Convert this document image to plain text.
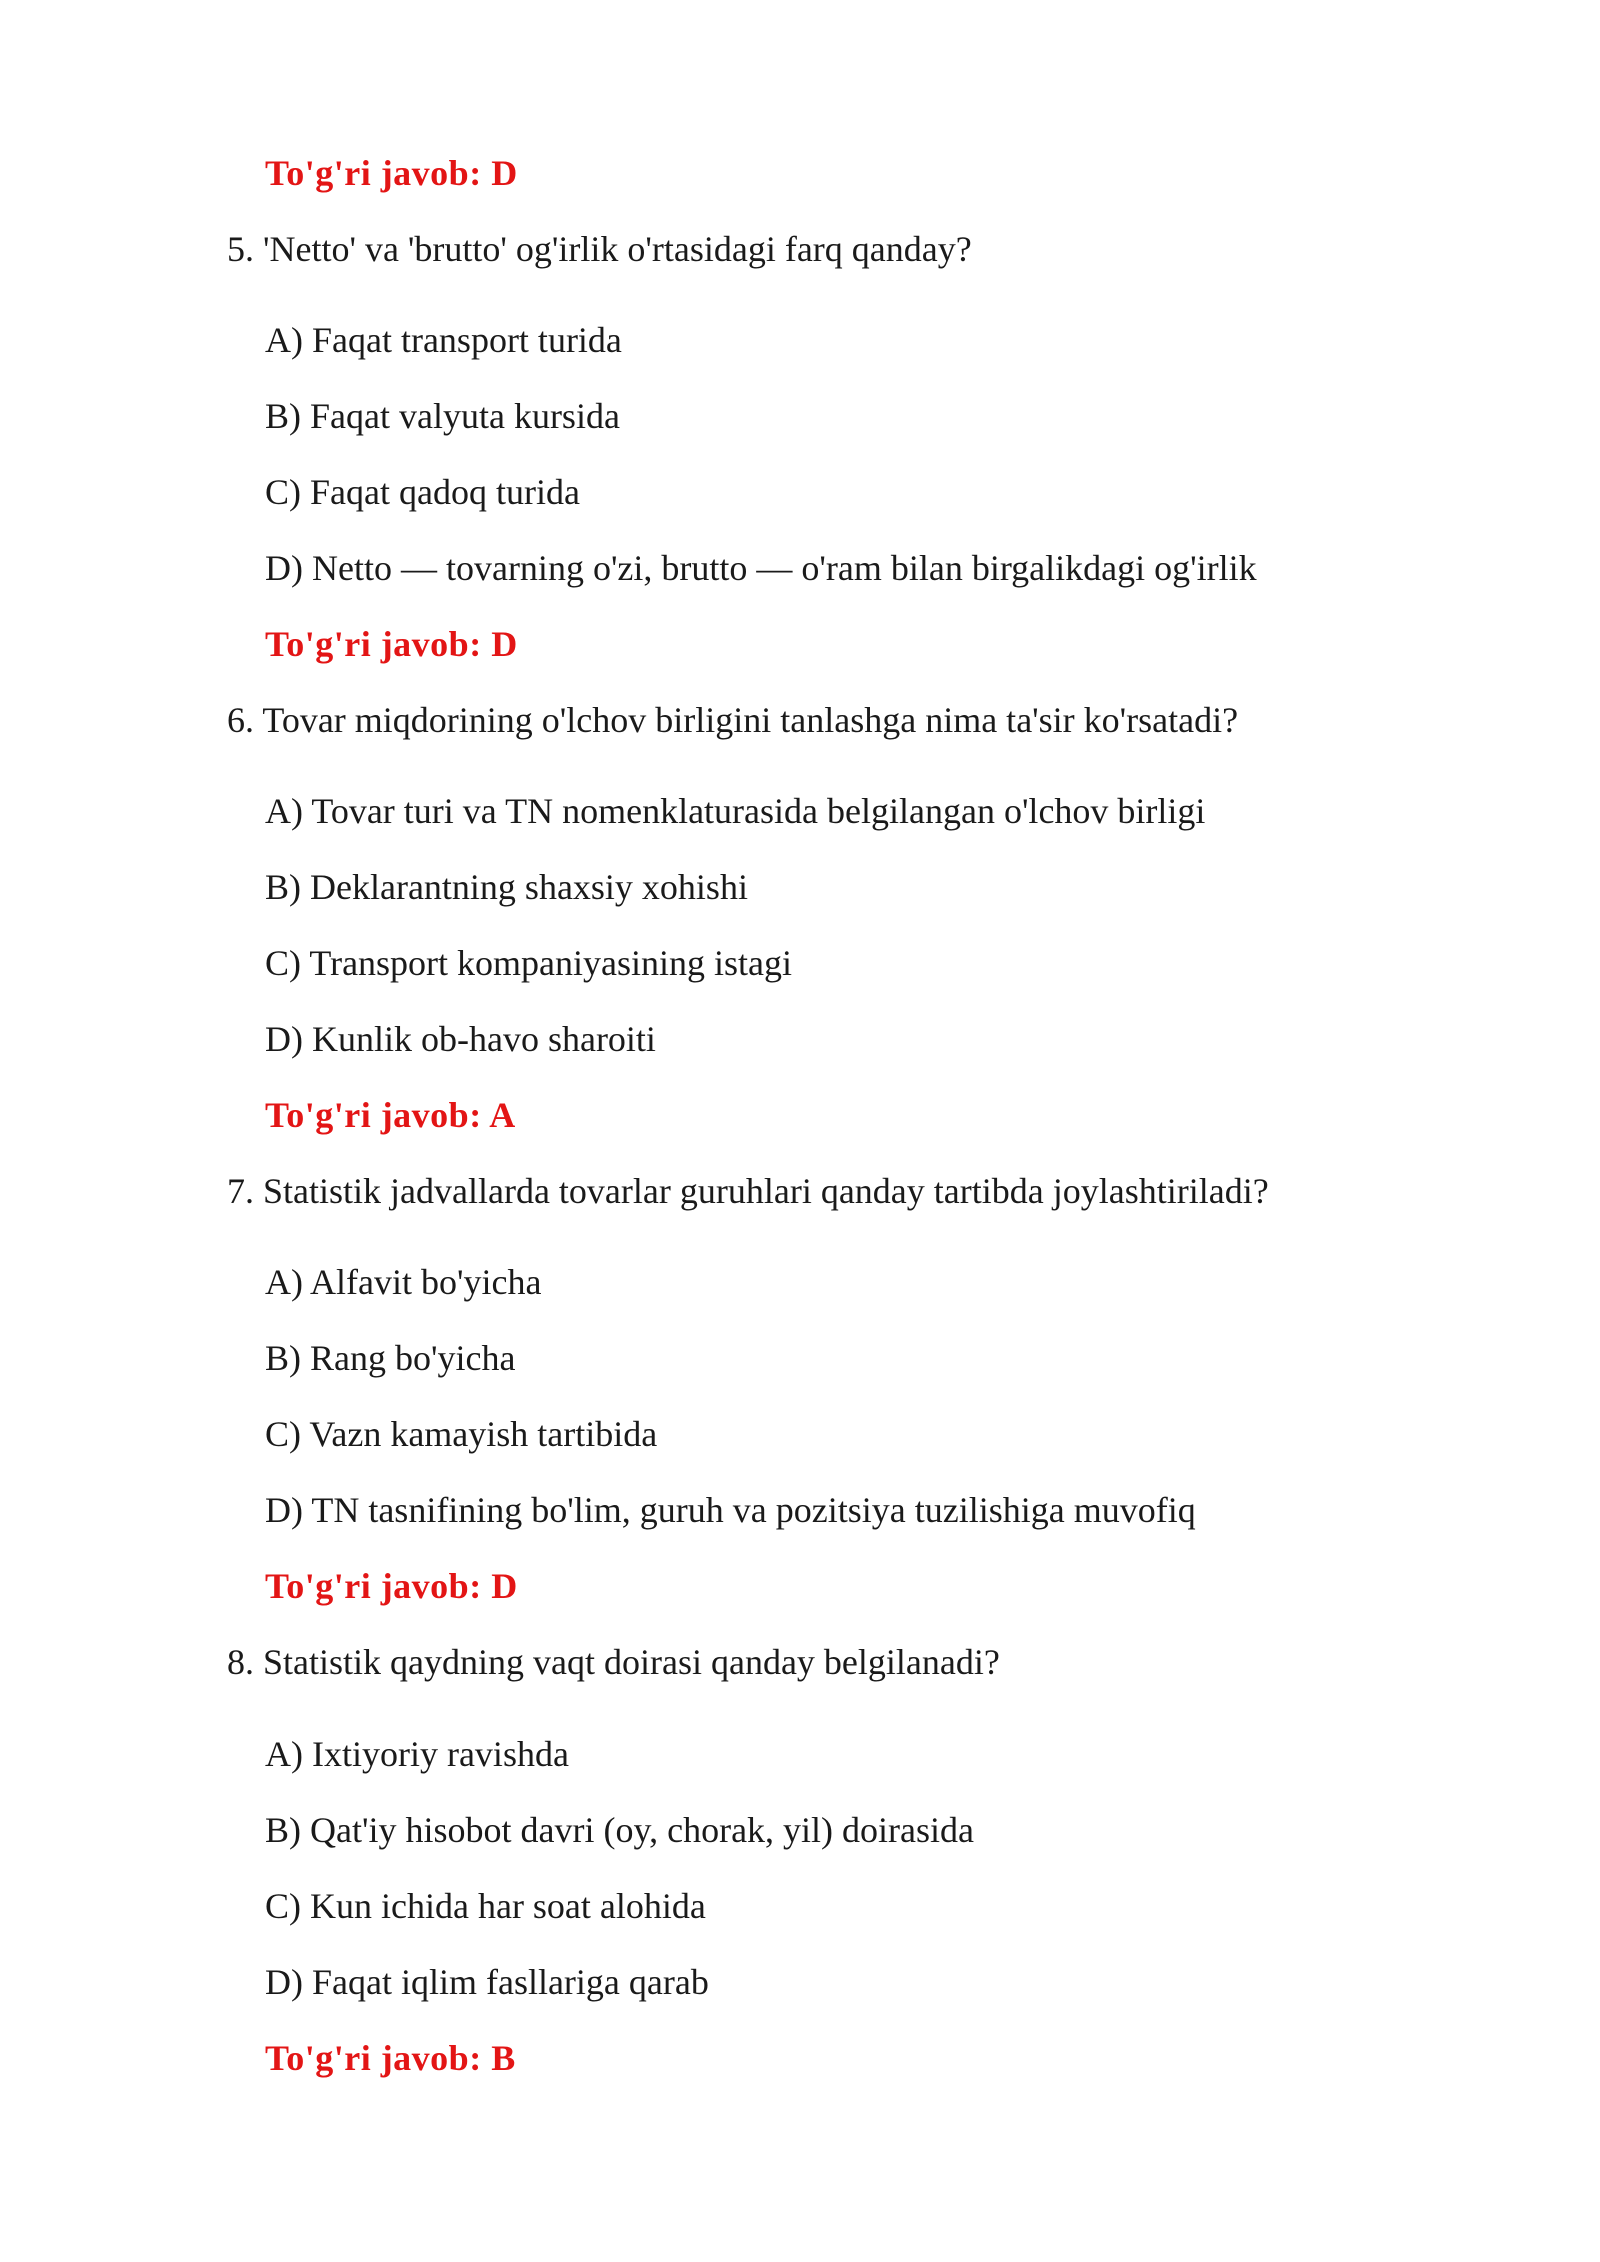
To'g'ri javob: D
5. 'Netto' va 'brutto' og'irlik o'rtasidagi farq qanday?
A) Faqat transport turida
B) Faqat valyuta kursida
C) Faqat qadoq turida
D) Netto — tovarning o'zi, brutto — o'ram bilan birgalikdagi og'irlik
To'g'ri javob: D
6. Tovar miqdorining o'lchov birligini tanlashga nima ta'sir ko'rsatadi?
A) Tovar turi va TN nomenklaturasida belgilangan o'lchov birligi
B) Deklarantning shaxsiy xohishi
C) Transport kompaniyasining istagi
D) Kunlik ob-havo sharoiti
To'g'ri javob: A
7. Statistik jadvallarda tovarlar guruhlari qanday tartibda joylashtiriladi?
A) Alfavit bo'yicha
B) Rang bo'yicha
C) Vazn kamayish tartibida
D) TN tasnifining bo'lim, guruh va pozitsiya tuzilishiga muvofiq
To'g'ri javob: D
8. Statistik qaydning vaqt doirasi qanday belgilanadi?
A) Ixtiyoriy ravishda
B) Qat'iy hisobot davri (oy, chorak, yil) doirasida
C) Kun ichida har soat alohida
D) Faqat iqlim fasllariga qarab
To'g'ri javob: B
